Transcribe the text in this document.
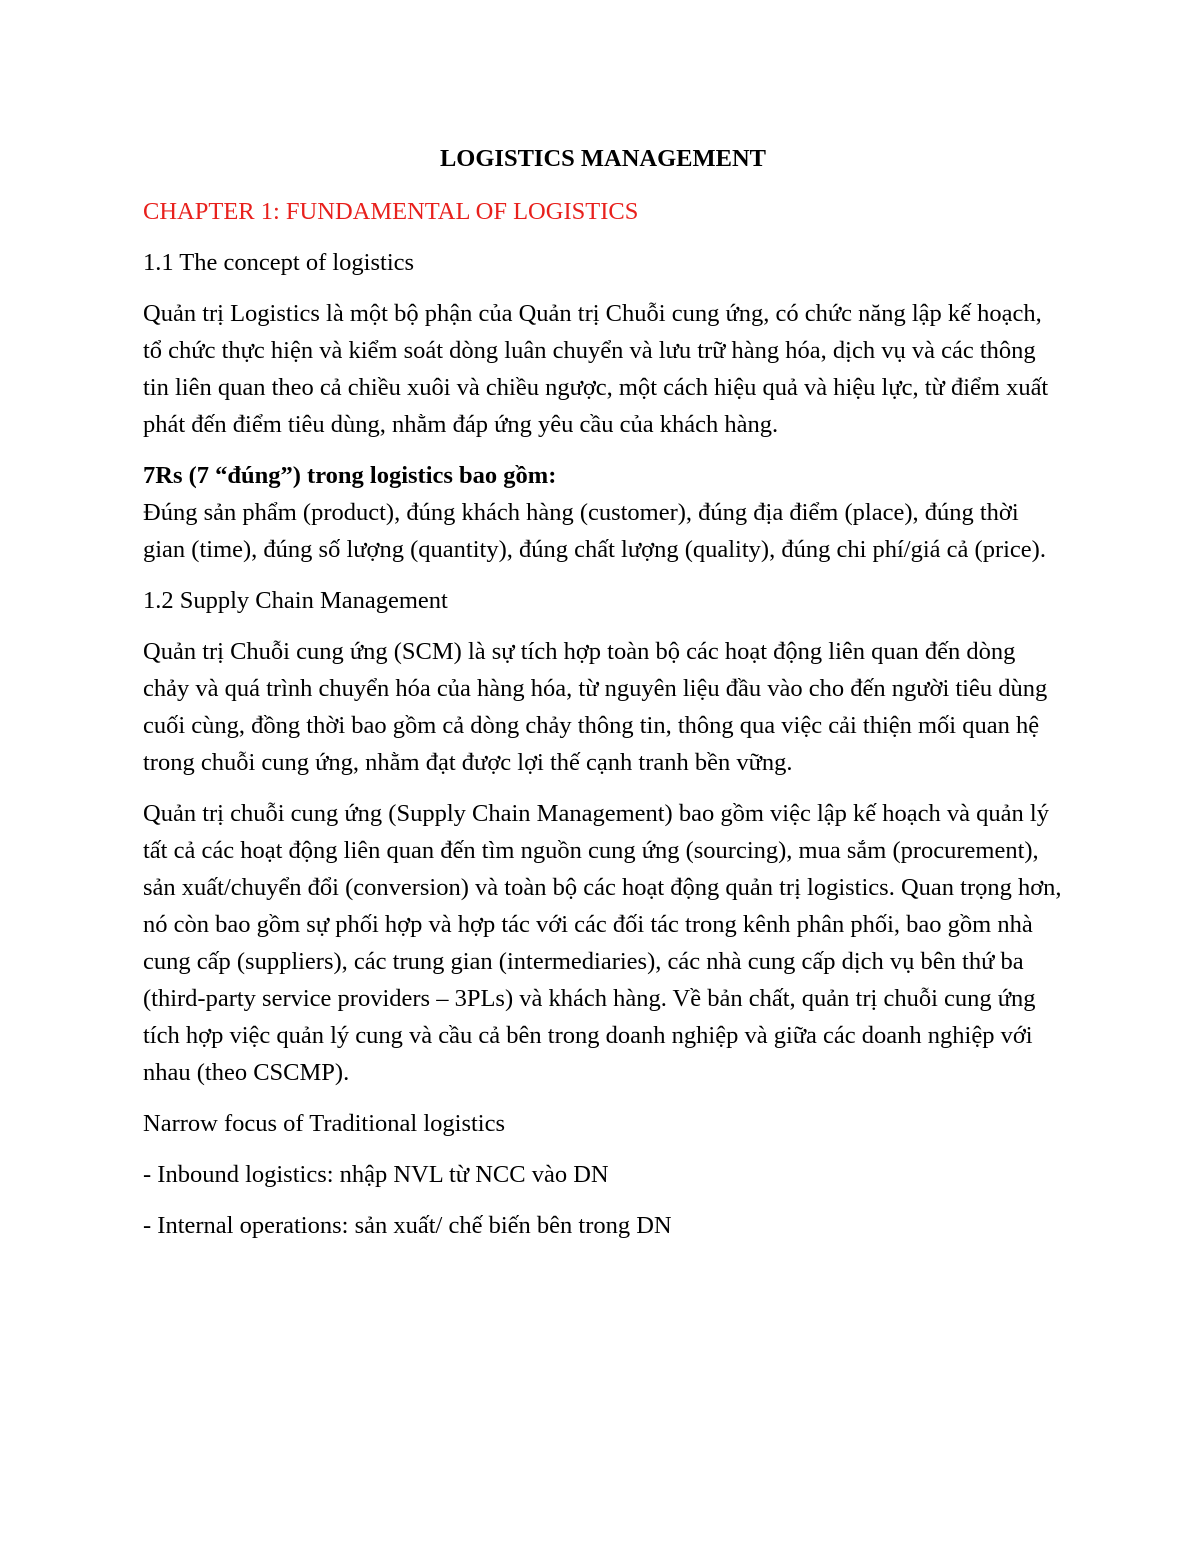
LOGISTICS MANAGEMENT
CHAPTER 1: FUNDAMENTAL OF LOGISTICS
1.1 The concept of logistics
Quản trị Logistics là một bộ phận của Quản trị Chuỗi cung ứng, có chức năng lập kế hoạch, tổ chức thực hiện và kiểm soát dòng luân chuyển và lưu trữ hàng hóa, dịch vụ và các thông tin liên quan theo cả chiều xuôi và chiều ngược, một cách hiệu quả và hiệu lực, từ điểm xuất phát đến điểm tiêu dùng, nhằm đáp ứng yêu cầu của khách hàng.
7Rs (7 “đúng”) trong logistics bao gồm:
Đúng sản phẩm (product), đúng khách hàng (customer), đúng địa điểm (place), đúng thời gian (time), đúng số lượng (quantity), đúng chất lượng (quality), đúng chi phí/giá cả (price).
1.2 Supply Chain Management
Quản trị Chuỗi cung ứng (SCM) là sự tích hợp toàn bộ các hoạt động liên quan đến dòng chảy và quá trình chuyển hóa của hàng hóa, từ nguyên liệu đầu vào cho đến người tiêu dùng cuối cùng, đồng thời bao gồm cả dòng chảy thông tin, thông qua việc cải thiện mối quan hệ trong chuỗi cung ứng, nhằm đạt được lợi thế cạnh tranh bền vững.
Quản trị chuỗi cung ứng (Supply Chain Management) bao gồm việc lập kế hoạch và quản lý tất cả các hoạt động liên quan đến tìm nguồn cung ứng (sourcing), mua sắm (procurement), sản xuất/chuyển đổi (conversion) và toàn bộ các hoạt động quản trị logistics. Quan trọng hơn, nó còn bao gồm sự phối hợp và hợp tác với các đối tác trong kênh phân phối, bao gồm nhà cung cấp (suppliers), các trung gian (intermediaries), các nhà cung cấp dịch vụ bên thứ ba (third-party service providers – 3PLs) và khách hàng. Về bản chất, quản trị chuỗi cung ứng tích hợp việc quản lý cung và cầu cả bên trong doanh nghiệp và giữa các doanh nghiệp với nhau (theo CSCMP).
Narrow focus of Traditional logistics
- Inbound logistics: nhập NVL từ NCC vào DN
- Internal operations: sản xuất/ chế biến bên trong DN
